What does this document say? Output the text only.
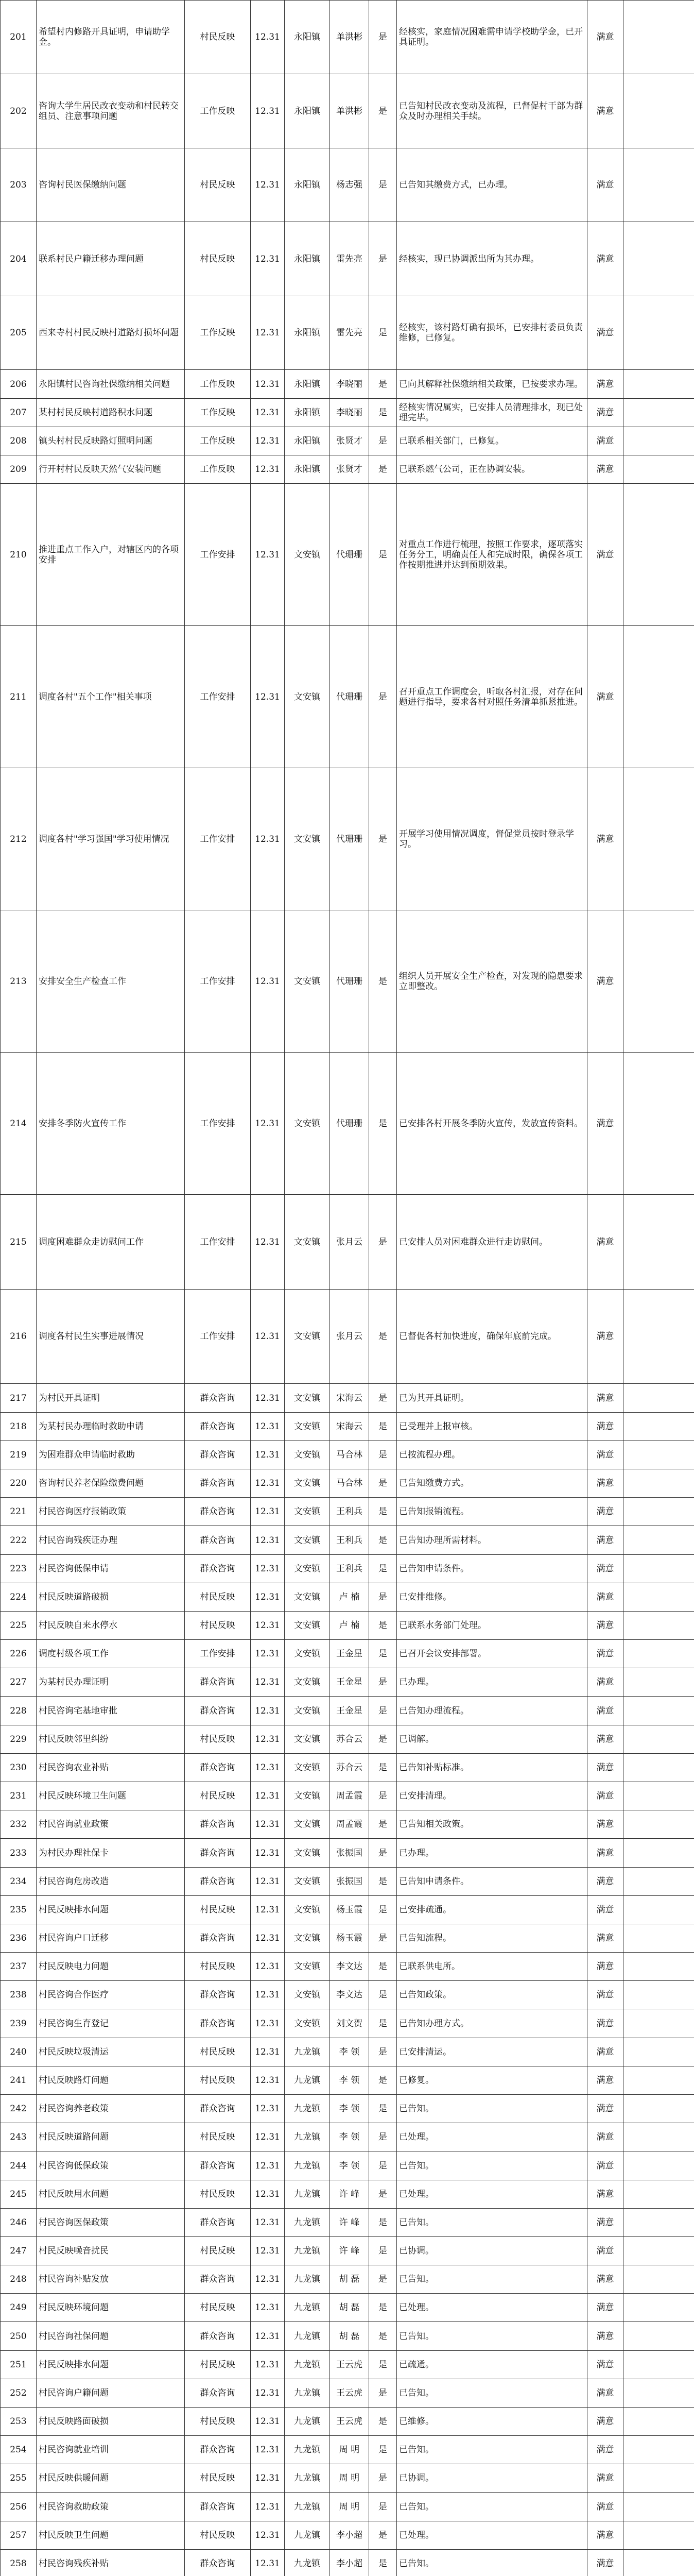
201	希望村内修路开具证明，申请助学金。	村民反映	12.31	永阳镇	单洪彬	是	经核实，家庭情况困难需申请学校助学金，已开具证明。	满意	
202	咨询大学生居民改衣变动和村民转交组员、注意事项问题	工作反映	12.31	永阳镇	单洪彬	是	已告知村民改衣变动及流程，已督促村干部为群众及时办理相关手续。	满意	
203	咨询村民医保缴纳问题	村民反映	12.31	永阳镇	杨志强	是	已告知其缴费方式，已办理。	满意	
204	联系村民户籍迁移办理问题	村民反映	12.31	永阳镇	雷先亮	是	经核实，现已协调派出所为其办理。	满意	
205	西来寺村村民反映村道路灯损坏问题	工作反映	12.31	永阳镇	雷先亮	是	经核实，该村路灯确有损坏，已安排村委员负责维修，已修复。	满意	
206	永阳镇村民咨询社保缴纳相关问题	工作反映	12.31	永阳镇	李晓丽	是	已向其解释社保缴纳相关政策，已按要求办理。	满意	
207	某村村民反映村道路积水问题	工作反映	12.31	永阳镇	李晓丽	是	经核实情况属实，已安排人员清理排水，现已处理完毕。	满意	
208	镇头村村民反映路灯照明问题	工作反映	12.31	永阳镇	张贤才	是	已联系相关部门，已修复。	满意	
209	行开村村民反映天然气安装问题	工作反映	12.31	永阳镇	张贤才	是	已联系燃气公司，正在协调安装。	满意	
210	推进重点工作入户，对辖区内的各项安排	工作安排	12.31	文安镇	代珊珊	是	对重点工作进行梳理，按照工作要求，逐项落实任务分工，明确责任人和完成时限，确保各项工作按期推进并达到预期效果。	满意	
211	调度各村"五个工作"相关事项	工作安排	12.31	文安镇	代珊珊	是	召开重点工作调度会，听取各村汇报，对存在问题进行指导，要求各村对照任务清单抓紧推进。	满意	
212	调度各村"学习强国"学习使用情况	工作安排	12.31	文安镇	代珊珊	是	开展学习使用情况调度，督促党员按时登录学习。	满意	
213	安排安全生产检查工作	工作安排	12.31	文安镇	代珊珊	是	组织人员开展安全生产检查，对发现的隐患要求立即整改。	满意	
214	安排冬季防火宣传工作	工作安排	12.31	文安镇	代珊珊	是	已安排各村开展冬季防火宣传，发放宣传资料。	满意	
215	调度困难群众走访慰问工作	工作安排	12.31	文安镇	张月云	是	已安排人员对困难群众进行走访慰问。	满意	
216	调度各村民生实事进展情况	工作安排	12.31	文安镇	张月云	是	已督促各村加快进度，确保年底前完成。	满意	
217	为村民开具证明	群众咨询	12.31	文安镇	宋海云	是	已为其开具证明。	满意	
218	为某村民办理临时救助申请	群众咨询	12.31	文安镇	宋海云	是	已受理并上报审核。	满意	
219	为困难群众申请临时救助	群众咨询	12.31	文安镇	马合林	是	已按流程办理。	满意	
220	咨询村民养老保险缴费问题	群众咨询	12.31	文安镇	马合林	是	已告知缴费方式。	满意	
221	村民咨询医疗报销政策	群众咨询	12.31	文安镇	王利兵	是	已告知报销流程。	满意	
222	村民咨询残疾证办理	群众咨询	12.31	文安镇	王利兵	是	已告知办理所需材料。	满意	
223	村民咨询低保申请	群众咨询	12.31	文安镇	王利兵	是	已告知申请条件。	满意	
224	村民反映道路破损	村民反映	12.31	文安镇	卢 楠	是	已安排维修。	满意	
225	村民反映自来水停水	村民反映	12.31	文安镇	卢 楠	是	已联系水务部门处理。	满意	
226	调度村级各项工作	工作安排	12.31	文安镇	王金星	是	已召开会议安排部署。	满意	
227	为某村民办理证明	群众咨询	12.31	文安镇	王金星	是	已办理。	满意	
228	村民咨询宅基地审批	群众咨询	12.31	文安镇	王金星	是	已告知办理流程。	满意	
229	村民反映邻里纠纷	村民反映	12.31	文安镇	苏合云	是	已调解。	满意	
230	村民咨询农业补贴	群众咨询	12.31	文安镇	苏合云	是	已告知补贴标准。	满意	
231	村民反映环境卫生问题	村民反映	12.31	文安镇	周孟霞	是	已安排清理。	满意	
232	村民咨询就业政策	群众咨询	12.31	文安镇	周孟霞	是	已告知相关政策。	满意	
233	为村民办理社保卡	群众咨询	12.31	文安镇	张振国	是	已办理。	满意	
234	村民咨询危房改造	群众咨询	12.31	文安镇	张振国	是	已告知申请条件。	满意	
235	村民反映排水问题	村民反映	12.31	文安镇	杨玉霞	是	已安排疏通。	满意	
236	村民咨询户口迁移	群众咨询	12.31	文安镇	杨玉霞	是	已告知流程。	满意	
237	村民反映电力问题	村民反映	12.31	文安镇	李文达	是	已联系供电所。	满意	
238	村民咨询合作医疗	群众咨询	12.31	文安镇	李文达	是	已告知政策。	满意	
239	村民咨询生育登记	群众咨询	12.31	文安镇	刘文贺	是	已告知办理方式。	满意	
240	村民反映垃圾清运	村民反映	12.31	九龙镇	李 领	是	已安排清运。	满意	
241	村民反映路灯问题	村民反映	12.31	九龙镇	李 领	是	已修复。	满意	
242	村民咨询养老政策	群众咨询	12.31	九龙镇	李 领	是	已告知。	满意	
243	村民反映道路问题	村民反映	12.31	九龙镇	李 领	是	已处理。	满意	
244	村民咨询低保政策	群众咨询	12.31	九龙镇	李 领	是	已告知。	满意	
245	村民反映用水问题	村民反映	12.31	九龙镇	许 峰	是	已处理。	满意	
246	村民咨询医保政策	群众咨询	12.31	九龙镇	许 峰	是	已告知。	满意	
247	村民反映噪音扰民	村民反映	12.31	九龙镇	许 峰	是	已协调。	满意	
248	村民咨询补贴发放	群众咨询	12.31	九龙镇	胡 磊	是	已告知。	满意	
249	村民反映环境问题	村民反映	12.31	九龙镇	胡 磊	是	已处理。	满意	
250	村民咨询社保问题	群众咨询	12.31	九龙镇	胡 磊	是	已告知。	满意	
251	村民反映排水问题	村民反映	12.31	九龙镇	王云虎	是	已疏通。	满意	
252	村民咨询户籍问题	群众咨询	12.31	九龙镇	王云虎	是	已告知。	满意	
253	村民反映路面破损	村民反映	12.31	九龙镇	王云虎	是	已维修。	满意	
254	村民咨询就业培训	群众咨询	12.31	九龙镇	周 明	是	已告知。	满意	
255	村民反映供暖问题	村民反映	12.31	九龙镇	周 明	是	已协调。	满意	
256	村民咨询救助政策	群众咨询	12.31	九龙镇	周 明	是	已告知。	满意	
257	村民反映卫生问题	村民反映	12.31	九龙镇	李小超	是	已处理。	满意	
258	村民咨询残疾补贴	群众咨询	12.31	九龙镇	李小超	是	已告知。	满意	
